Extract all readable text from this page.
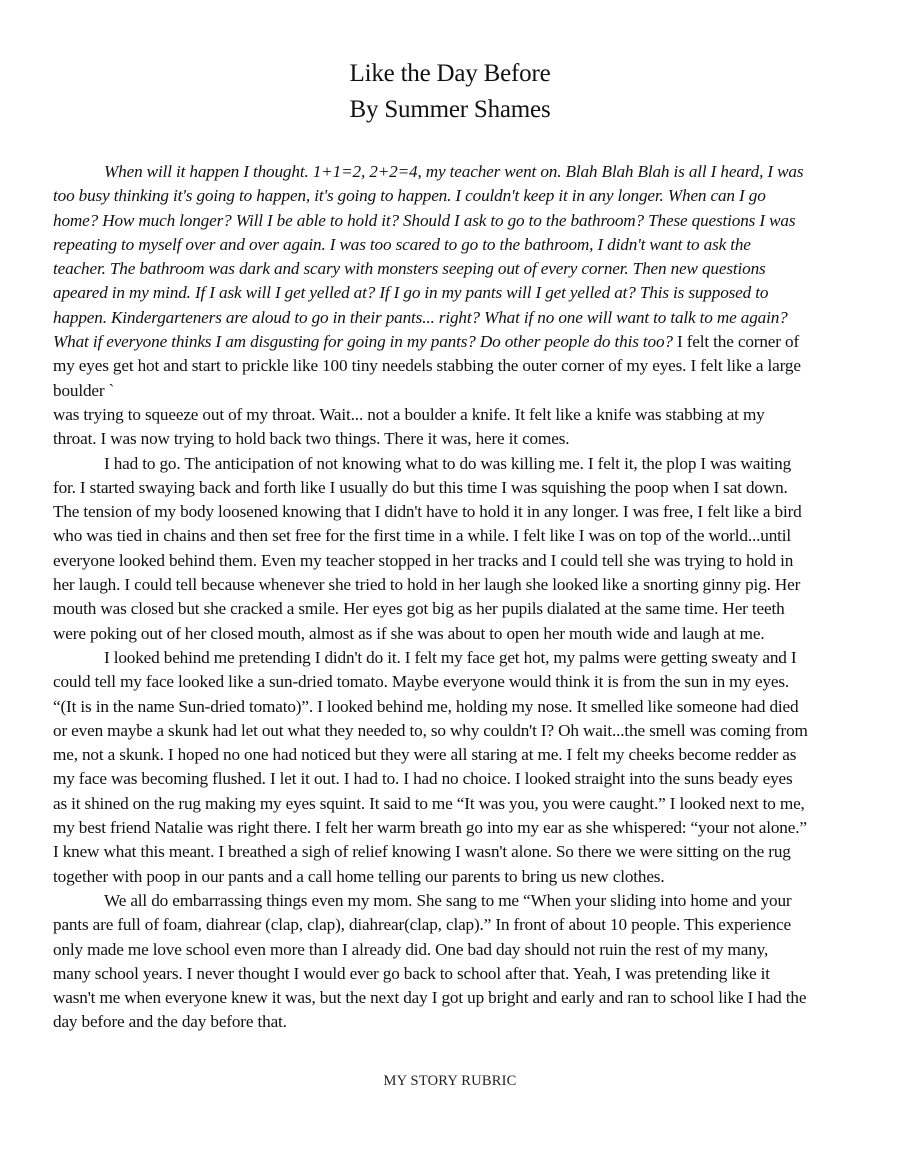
Like the Day Before
By Summer Shames
When will it happen I thought. 1+1=2, 2+2=4, my teacher went on. Blah Blah Blah is all I heard, I was
too busy thinking it's going to happen, it's going to happen. I couldn't keep it in any longer. When can I go
home? How much longer? Will I be able to hold it? Should I ask to go to the bathroom? These questions I was
repeating to myself over and over again. I was too scared to go to the bathroom, I didn't want to ask the
teacher. The bathroom was dark and scary with monsters seeping out of every corner. Then new questions
apeared in my mind. If I ask will I get yelled at? If I go in my pants will I get yelled at? This is supposed to
happen. Kindergarteners are aloud to go in their pants... right? What if no one will want to talk to me again?
What if everyone thinks I am disgusting for going in my pants? Do other people do this too? I felt the corner of
my eyes get hot and start to prickle like 100 tiny needels stabbing the outer corner of my eyes. I felt like a large
boulder `
was trying to squeeze out of my throat. Wait... not a boulder a knife. It felt like a knife was stabbing at my
throat. I was now trying to hold back two things. There it was, here it comes.
I had to go. The anticipation of not knowing what to do was killing me. I felt it, the plop I was waiting
for. I started swaying back and forth like I usually do but this time I was squishing the poop when I sat down.
The tension of my body loosened knowing that I didn't have to hold it in any longer. I was free, I felt like a bird
who was tied in chains and then set free for the first time in a while. I felt like I was on top of the world...until
everyone looked behind them. Even my teacher stopped in her tracks and I could tell she was trying to hold in
her laugh. I could tell because whenever she tried to hold in her laugh she looked like a snorting ginny pig. Her
mouth was closed but she cracked a smile. Her eyes got big as her pupils dialated at the same time. Her teeth
were poking out of her closed mouth, almost as if she was about to open her mouth wide and laugh at me.
I looked behind me pretending I didn't do it. I felt my face get hot, my palms were getting sweaty and I
could tell my face looked like a sun-dried tomato. Maybe everyone would think it is from the sun in my eyes.
“(It is in the name Sun-dried tomato)”. I looked behind me, holding my nose. It smelled like someone had died
or even maybe a skunk had let out what they needed to, so why couldn't I? Oh wait...the smell was coming from
me, not a skunk. I hoped no one had noticed but they were all staring at me. I felt my cheeks become redder as
my face was becoming flushed. I let it out. I had to. I had no choice. I looked straight into the suns beady eyes
as it shined on the rug making my eyes squint. It said to me “It was you, you were caught.” I looked next to me,
my best friend Natalie was right there. I felt her warm breath go into my ear as she whispered: “your not alone.”
I knew what this meant. I breathed a sigh of relief knowing I wasn't alone. So there we were sitting on the rug
together with poop in our pants and a call home telling our parents to bring us new clothes.
We all do embarrassing things even my mom. She sang to me “When your sliding into home and your
pants are full of foam, diahrear (clap, clap), diahrear(clap, clap).” In front of about 10 people. This experience
only made me love school even more than I already did. One bad day should not ruin the rest of my many,
many school years. I never thought I would ever go back to school after that. Yeah, I was pretending like it
wasn't me when everyone knew it was, but the next day I got up bright and early and ran to school like I had the
day before and the day before that.
MY STORY RUBRIC
